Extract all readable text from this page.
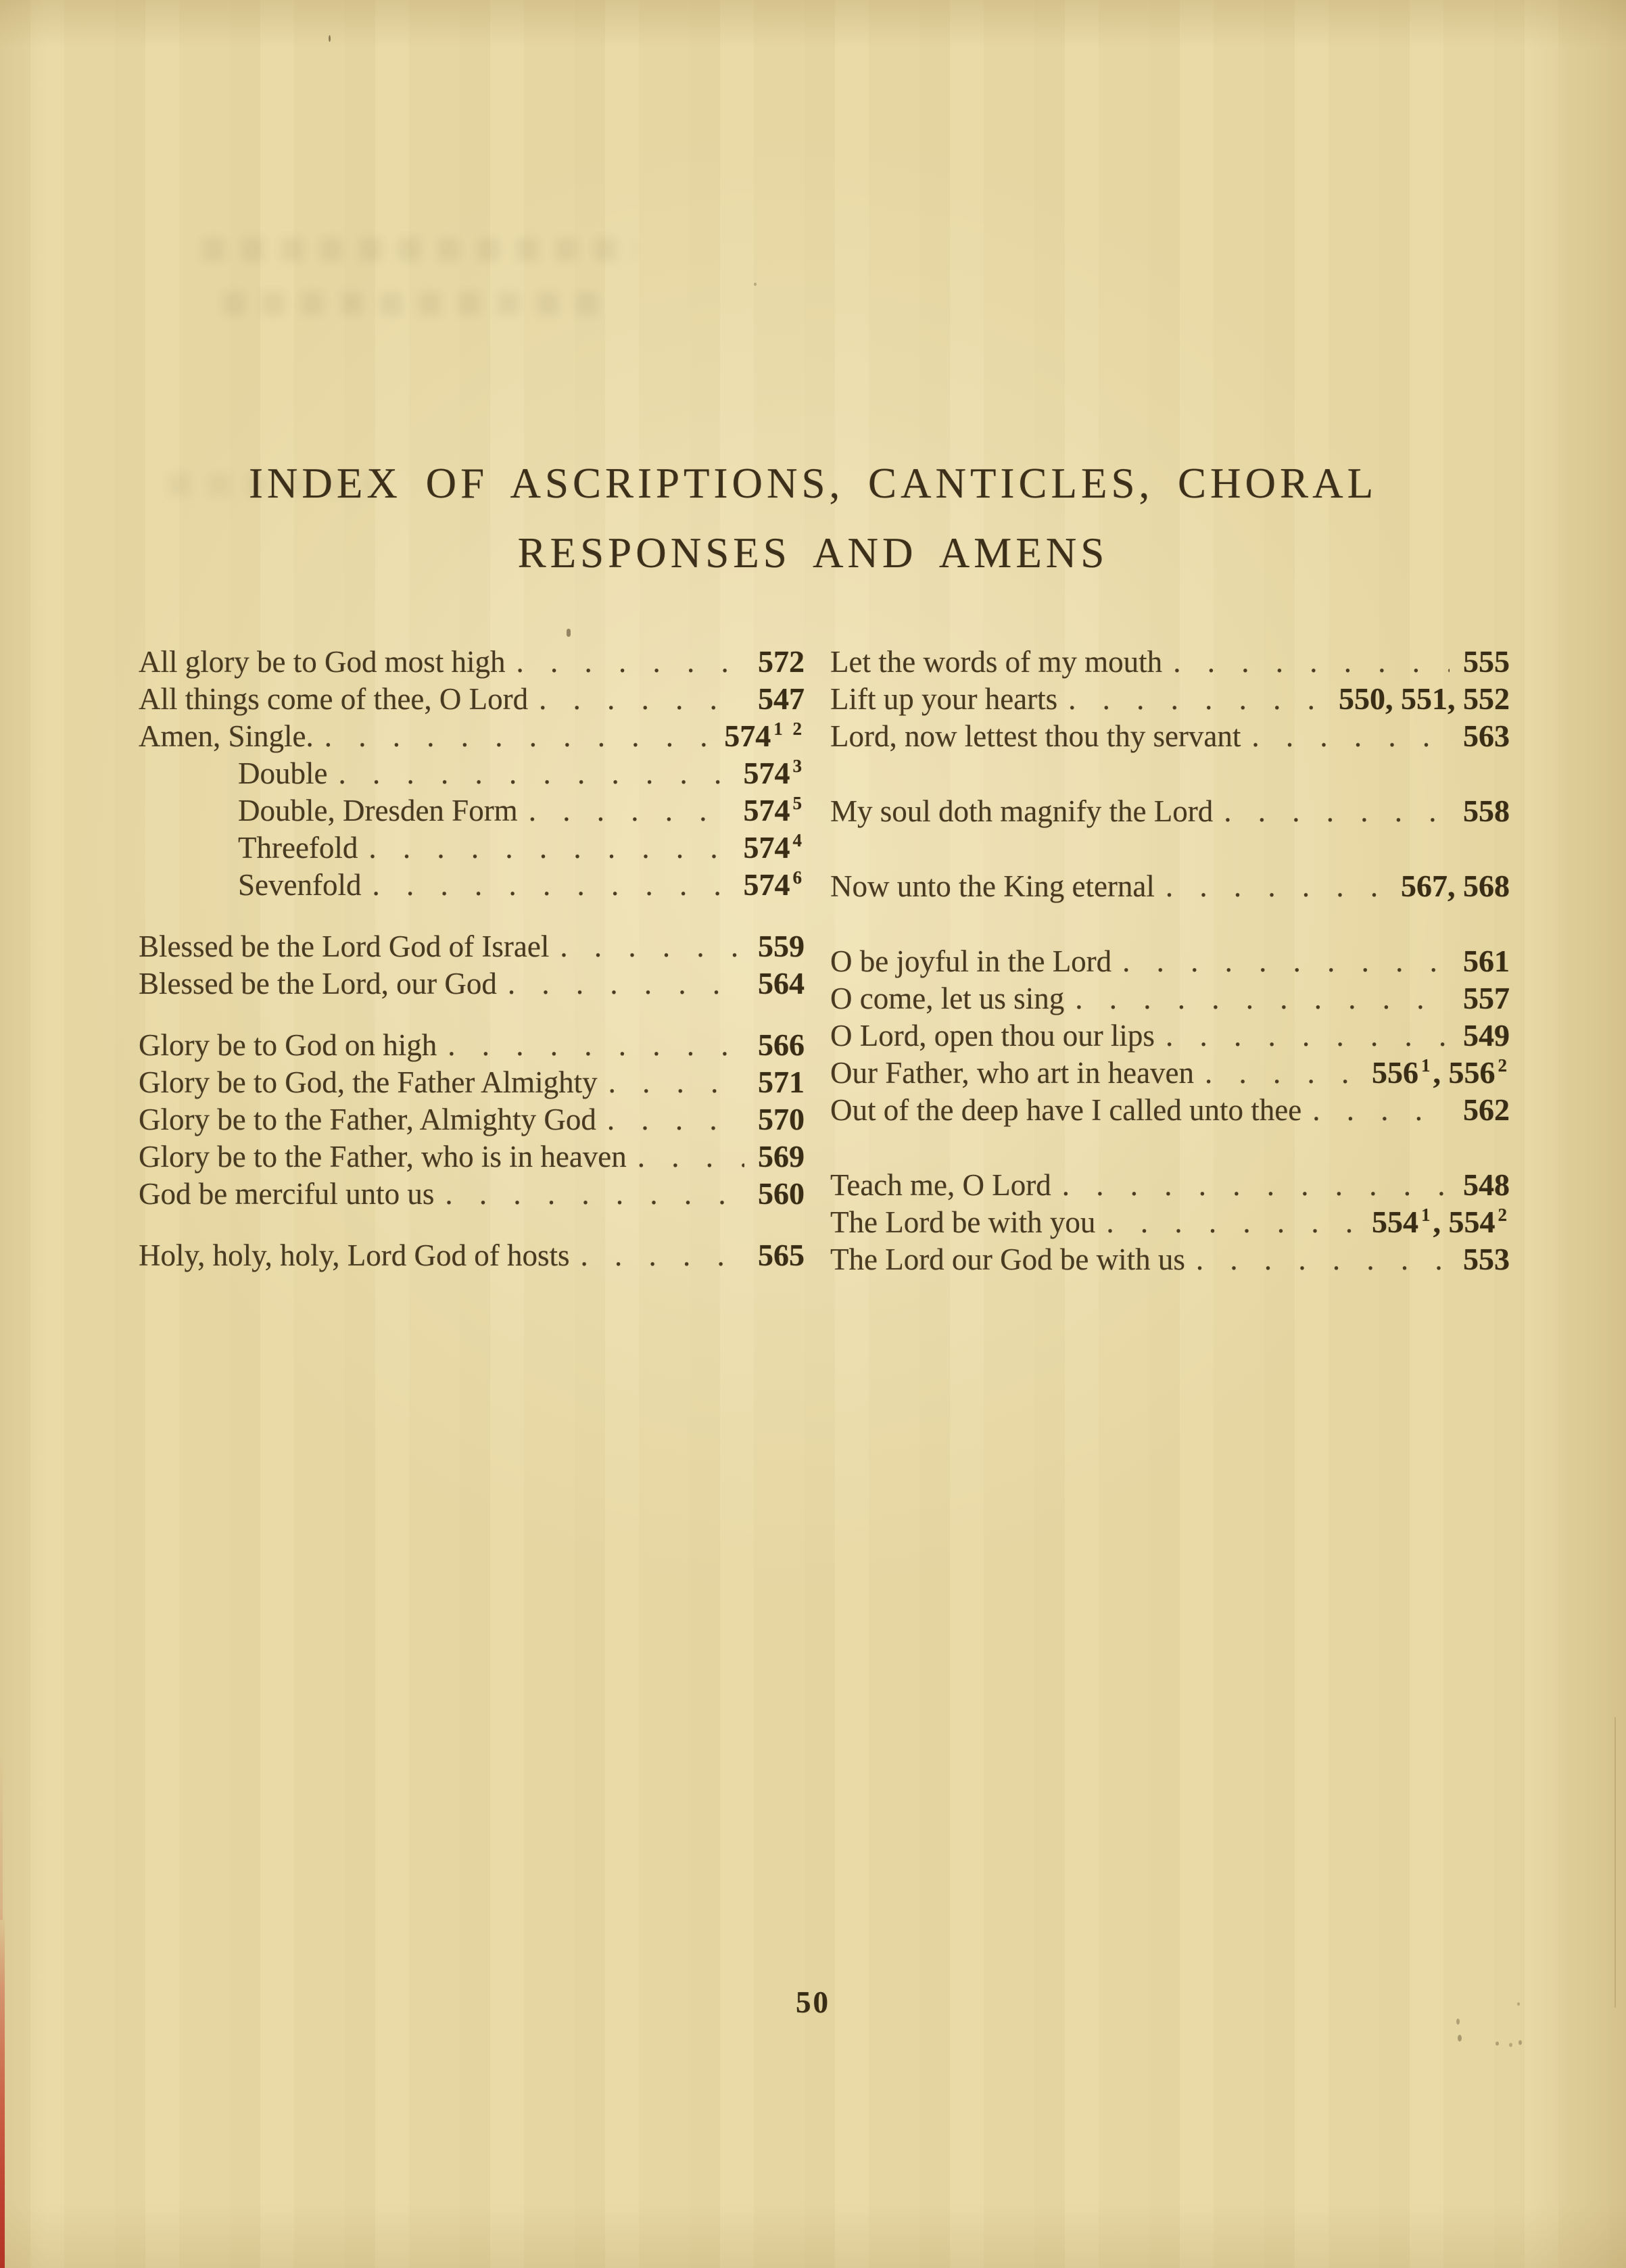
INDEX OF ASCRIPTIONS, CANTICLES, CHORAL
RESPONSES AND AMENS
All glory be to God most high . . .	572
All things come of thee, O Lord . . .	547
Amen, Single. . . .	574 $^{1 2}$
Double . . .	574 $^3$
Double, Dresden Form . . .	574 $^5$
Threefold . . .	574 $^4$
Sevenfold . . .	574 $^6$
Blessed be the Lord God of Israel . . .	559
Blessed be the Lord, our God . . .	564
Glory be to God on high . . .	566
Glory be to God, the Father Almighty . . .	571
Glory be to the Father, Almighty God . . .	570
Glory be to the Father, who is in heaven . . .	569
God be merciful unto us . . .	560
Holy, holy, holy, Lord God of hosts . . .	565
Let the words of my mouth . . .	555
Lift up your hearts . . .	550, 551, 552
Lord, now lettest thou thy servant . . .	563
My soul doth magnify the Lord . . .	558
Now unto the King eternal . . .	567, 568
O be joyful in the Lord . . .	561
O come, let us sing . . .	557
O Lord, open thou our lips . . .	549
Our Father, who art in heaven . . .	556 $^1$, 556 $^2$
Out of the deep have I called unto thee . . .	562
Teach me, O Lord . . .	548
The Lord be with you . . .	554 $^1$, 554 $^2$
The Lord our God be with us . . .	553
50
